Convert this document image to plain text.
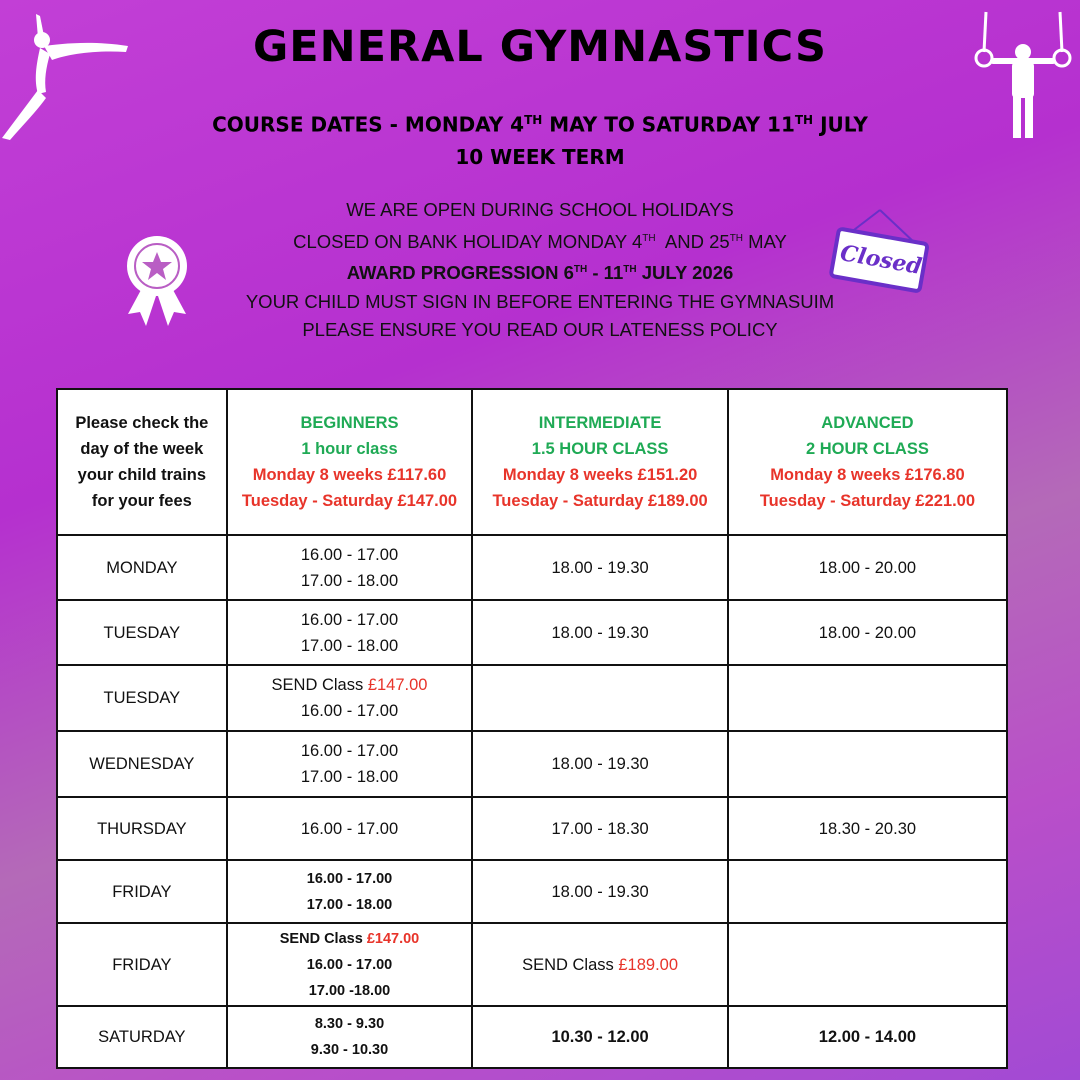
Closed
GENERAL GYMNASTICS
COURSE DATES - MONDAY 4TH MAY TO SATURDAY 11TH JULY
10 WEEK TERM
WE ARE OPEN DURING SCHOOL HOLIDAYS
CLOSED ON BANK HOLIDAY MONDAY 4TH  AND 25TH MAY
AWARD PROGRESSION 6TH - 11TH JULY 2026
YOUR CHILD MUST SIGN IN BEFORE ENTERING THE GYMNASUIM
PLEASE ENSURE YOU READ OUR LATENESS POLICY
Please check the
day of the week
your child trains
for your fees	BEGINNERS
1 hour class
Monday 8 weeks £117.60
Tuesday - Saturday £147.00	INTERMEDIATE
1.5 HOUR CLASS
Monday 8 weeks £151.20
Tuesday - Saturday £189.00	ADVANCED
2 HOUR CLASS
Monday 8 weeks £176.80
Tuesday - Saturday £221.00

MONDAY	16.00 - 17.00
17.00 - 18.00	18.00 - 19.30	18.00 - 20.00
TUESDAY	16.00 - 17.00
17.00 - 18.00	18.00 - 19.30	18.00 - 20.00
TUESDAY	SEND Class £147.00
16.00 - 17.00		

WEDNESDAY	16.00 - 17.00
17.00 - 18.00	18.00 - 19.30	
THURSDAY	16.00 - 17.00	17.00 - 18.30	18.30 - 20.30
FRIDAY	16.00 - 17.00
17.00 - 18.00	18.00 - 19.30	
FRIDAY	SEND Class £147.00
16.00 - 17.00
17.00 -18.00	SEND Class £189.00	
SATURDAY	8.30 - 9.30
9.30 - 10.30	10.30 - 12.00	12.00 - 14.00
